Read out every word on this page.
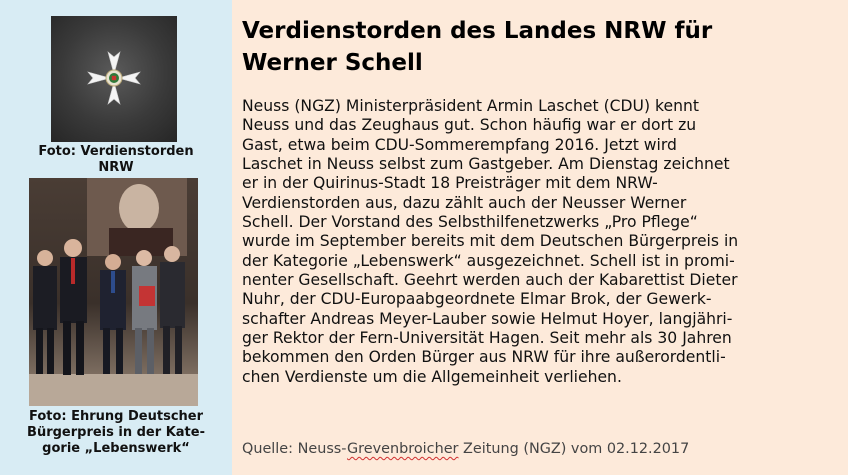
Foto: Verdienstorden
NRW
Foto: Ehrung Deutscher
Bürgerpreis in der Kate-
gorie „Lebenswerk“
Verdienstorden des Landes NRW für
Werner Schell

Neuss (NGZ) Ministerpräsident Armin Laschet (CDU) kennt
Neuss und das Zeughaus gut. Schon häufig war er dort zu
Gast, etwa beim CDU-Sommerempfang 2016. Jetzt wird
Laschet in Neuss selbst zum Gastgeber. Am Dienstag zeichnet
er in der Quirinus-Stadt 18 Preisträger mit dem NRW-
Verdienstorden aus, dazu zählt auch der Neusser Werner
Schell. Der Vorstand des Selbsthilfenetzwerks „Pro Pflege“
wurde im September bereits mit dem Deutschen Bürgerpreis in
der Kategorie „Lebenswerk“ ausgezeichnet. Schell ist in promi-
nenter Gesellschaft. Geehrt werden auch der Kabarettist Dieter
Nuhr, der CDU-Europaabgeordnete Elmar Brok, der Gewerk-
schafter Andreas Meyer-Lauber sowie Helmut Hoyer, langjähri-
ger Rektor der Fern-Universität Hagen. Seit mehr als 30 Jahren
bekommen den Orden Bürger aus NRW für ihre außerordentli-
chen Verdienste um die Allgemeinheit verliehen.

Quelle: Neuss-Grevenbroicher Zeitung (NGZ) vom 02.12.2017
